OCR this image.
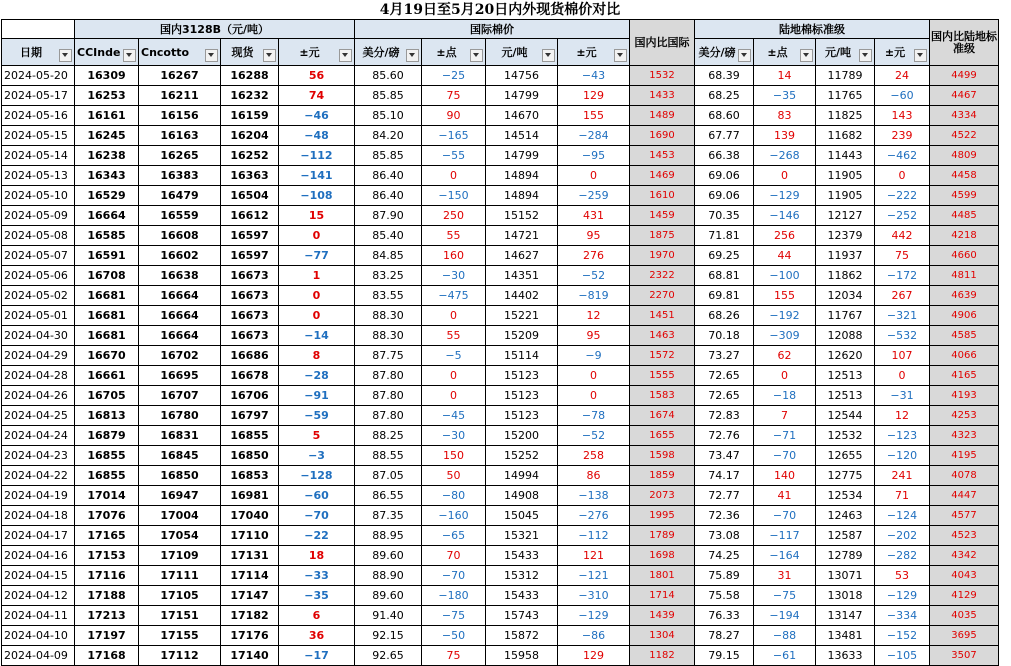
4月19日至5月20日内外现货棉价对比														
	国内3128B（元/吨）				国际棉价				国内比国际	陆地棉标准级				国内比陆地标准级
日期	CCInde	Cncotto	现货	±元	美分/磅	±点	元/吨	±元		美分/磅	±点	元/吨	±元	

2024-05-20	16309	16267	16288	56	85.60	−25	14756	−43	1532	68.39	14	11789	24	4499
2024-05-17	16253	16211	16232	74	85.85	75	14799	129	1433	68.25	−35	11765	−60	4467
2024-05-16	16161	16156	16159	−46	85.10	90	14670	155	1489	68.60	83	11825	143	4334
2024-05-15	16245	16163	16204	−48	84.20	−165	14514	−284	1690	67.77	139	11682	239	4522
2024-05-14	16238	16265	16252	−112	85.85	−55	14799	−95	1453	66.38	−268	11443	−462	4809
2024-05-13	16343	16383	16363	−141	86.40	0	14894	0	1469	69.06	0	11905	0	4458
2024-05-10	16529	16479	16504	−108	86.40	−150	14894	−259	1610	69.06	−129	11905	−222	4599
2024-05-09	16664	16559	16612	15	87.90	250	15152	431	1459	70.35	−146	12127	−252	4485
2024-05-08	16585	16608	16597	0	85.40	55	14721	95	1875	71.81	256	12379	442	4218
2024-05-07	16591	16602	16597	−77	84.85	160	14627	276	1970	69.25	44	11937	75	4660
2024-05-06	16708	16638	16673	1	83.25	−30	14351	−52	2322	68.81	−100	11862	−172	4811
2024-05-02	16681	16664	16673	0	83.55	−475	14402	−819	2270	69.81	155	12034	267	4639
2024-05-01	16681	16664	16673	0	88.30	0	15221	12	1451	68.26	−192	11767	−321	4906
2024-04-30	16681	16664	16673	−14	88.30	55	15209	95	1463	70.18	−309	12088	−532	4585
2024-04-29	16670	16702	16686	8	87.75	−5	15114	−9	1572	73.27	62	12620	107	4066
2024-04-28	16661	16695	16678	−28	87.80	0	15123	0	1555	72.65	0	12513	0	4165
2024-04-26	16705	16707	16706	−91	87.80	0	15123	0	1583	72.65	−18	12513	−31	4193
2024-04-25	16813	16780	16797	−59	87.80	−45	15123	−78	1674	72.83	7	12544	12	4253
2024-04-24	16879	16831	16855	5	88.25	−30	15200	−52	1655	72.76	−71	12532	−123	4323
2024-04-23	16855	16845	16850	−3	88.55	150	15252	258	1598	73.47	−70	12655	−120	4195
2024-04-22	16855	16850	16853	−128	87.05	50	14994	86	1859	74.17	140	12775	241	4078
2024-04-19	17014	16947	16981	−60	86.55	−80	14908	−138	2073	72.77	41	12534	71	4447
2024-04-18	17076	17004	17040	−70	87.35	−160	15045	−276	1995	72.36	−70	12463	−124	4577
2024-04-17	17165	17054	17110	−22	88.95	−65	15321	−112	1789	73.08	−117	12587	−202	4523
2024-04-16	17153	17109	17131	18	89.60	70	15433	121	1698	74.25	−164	12789	−282	4342
2024-04-15	17116	17111	17114	−33	88.90	−70	15312	−121	1801	75.89	31	13071	53	4043
2024-04-12	17188	17105	17147	−35	89.60	−180	15433	−310	1714	75.58	−75	13018	−129	4129
2024-04-11	17213	17151	17182	6	91.40	−75	15743	−129	1439	76.33	−194	13147	−334	4035
2024-04-10	17197	17155	17176	36	92.15	−50	15872	−86	1304	78.27	−88	13481	−152	3695
2024-04-09	17168	17112	17140	−17	92.65	75	15958	129	1182	79.15	−61	13633	−105	3507
